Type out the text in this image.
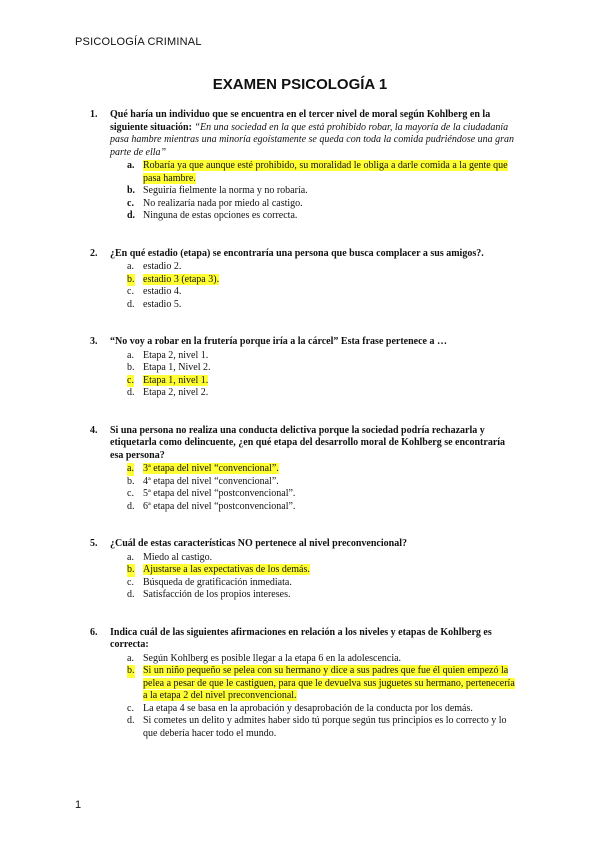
PSICOLOGÍA CRIMINAL
EXAMEN PSICOLOGÍA 1
1. Qué haría un individuo que se encuentra en el tercer nivel de moral según Kohlberg en la siguiente situación: “En una sociedad en la que está prohibido robar, la mayoría de la ciudadanía pasa hambre mientras una minoría egoístamente se queda con toda la comida pudriéndose una gran parte de ella”
a. Robaría ya que aunque esté prohibido, su moralidad le obliga a darle comida a la gente que pasa hambre.
b. Seguiría fielmente la norma y no robaría.
c. No realizaría nada por miedo al castigo.
d. Ninguna de estas opciones es correcta.
2. ¿En qué estadio (etapa) se encontraría una persona que busca complacer a sus amigos?.
a. estadio 2.
b. estadio 3 (etapa 3).
c. estadio 4.
d. estadio 5.
3. “No voy a robar en la frutería porque iría a la cárcel” Esta frase pertenece a …
a. Etapa 2, nivel 1.
b. Etapa 1, Nivel 2.
c. Etapa 1, nivel 1.
d. Etapa 2, nivel 2.
4. Si una persona no realiza una conducta delictiva porque la sociedad podría rechazarla y etiquetarla como delincuente, ¿en qué etapa del desarrollo moral de Kohlberg se encontraría esa persona?
a. 3ª etapa del nivel “convencional”.
b. 4ª etapa del nivel “convencional”.
c. 5ª etapa del nivel “postconvencional”.
d. 6ª etapa del nivel “postconvencional”.
5. ¿Cuál de estas características NO pertenece al nivel preconvencional?
a. Miedo al castigo.
b. Ajustarse a las expectativas de los demás.
c. Búsqueda de gratificación inmediata.
d. Satisfacción de los propios intereses.
6. Indica cuál de las siguientes afirmaciones en relación a los niveles y etapas de Kohlberg es correcta:
a. Según Kohlberg es posible llegar a la etapa 6 en la adolescencia.
b. Si un niño pequeño se pelea con su hermano y dice a sus padres que fue él quien empezó la pelea a pesar de que le castiguen, para que le devuelva sus juguetes su hermano, pertenecería a la etapa 2 del nivel preconvencional.
c. La etapa 4 se basa en la aprobación y desaprobación de la conducta por los demás.
d. Si cometes un delito y admites haber sido tú porque según tus principios es lo correcto y lo que debería hacer todo el mundo.
1
